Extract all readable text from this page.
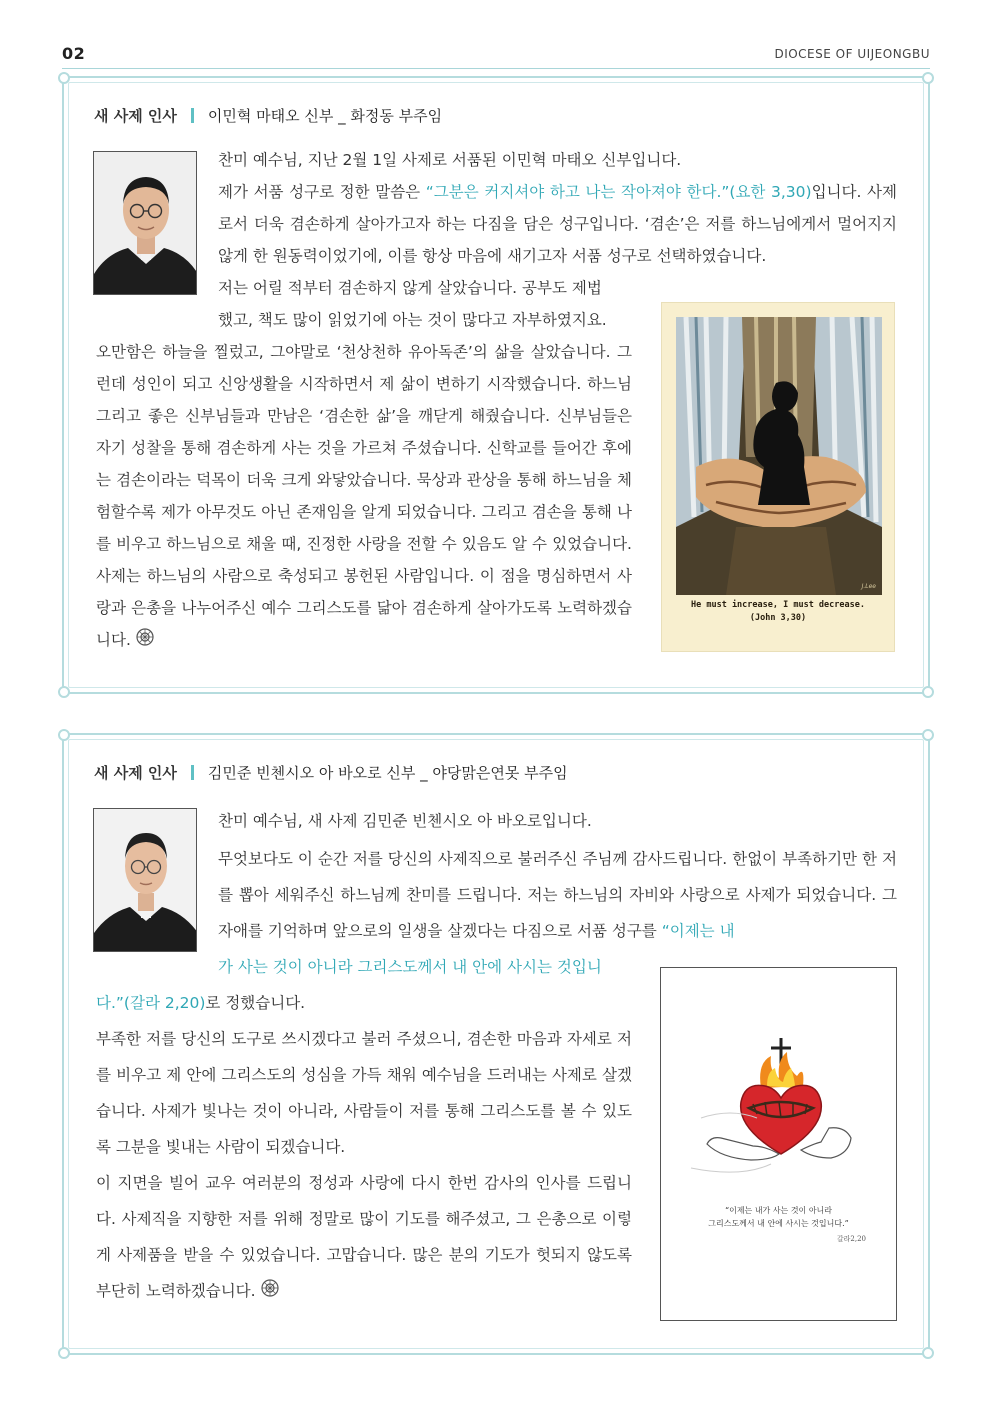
02	DIOCESE OF UIJEONGBU
새 사제 인사 이민혁 마태오 신부 _ 화정동 부주임

찬미 예수님, 지난 2월 1일 사제로 서품된 이민혁 마태오 신부입니다.

제가 서품 성구로 정한 말씀은 “그분은 커지셔야 하고 나는 작아져야 한다.”(요한 3,30)입니다. 사제로서 더욱 겸손하게 살아가고자 하는 다짐을 담은 성구입니다. ‘겸손’은 저를 하느님에게서 멀어지지 않게 한 원동력이었기에, 이를 항상 마음에 새기고자 서품 성구로 선택하였습니다.

저는 어릴 적부터 겸손하지 않게 살았습니다. 공부도 제법

했고, 책도 많이 읽었기에 아는 것이 많다고 자부하였지요.

오만함은 하늘을 찔렀고, 그야말로 ‘천상천하 유아독존’의 삶을 살았습니다. 그런데 성인이 되고 신앙생활을 시작하면서 제 삶이 변하기 시작했습니다. 하느님 그리고 좋은 신부님들과 만남은 ‘겸손한 삶’을 깨닫게 해줬습니다. 신부님들은 자기 성찰을 통해 겸손하게 사는 것을 가르쳐 주셨습니다. 신학교를 들어간 후에는 겸손이라는 덕목이 더욱 크게 와닿았습니다. 묵상과 관상을 통해 하느님을 체험할수록 제가 아무것도 아닌 존재임을 알게 되었습니다. 그리고 겸손을 통해 나를 비우고 하느님으로 채울 때, 진정한 사랑을 전할 수 있음도 알 수 있었습니다. 사제는 하느님의 사람으로 축성되고 봉헌된 사람입니다. 이 점을 명심하면서 사랑과 은총을 나누어주신 예수 그리스도를 닮아 겸손하게 살아가도록 노력하겠습니다.

He must increase, I must decrease.
(John 3,30)
J.Lee
새 사제 인사 김민준 빈첸시오 아 바오로 신부 _ 야당맑은연못 부주임

찬미 예수님, 새 사제 김민준 빈첸시오 아 바오로입니다.

무엇보다도 이 순간 저를 당신의 사제직으로 불러주신 주님께 감사드립니다. 한없이 부족하기만 한 저를 뽑아 세워주신 하느님께 찬미를 드립니다. 저는 하느님의 자비와 사랑으로 사제가 되었습니다. 그 자애를 기억하며 앞으로의 일생을 살겠다는 다짐으로 서품 성구를 “이제는 내

가 사는 것이 아니라 그리스도께서 내 안에 사시는 것입니

다.”(갈라 2,20)로 정했습니다.

부족한 저를 당신의 도구로 쓰시겠다고 불러 주셨으니, 겸손한 마음과 자세로 저를 비우고 제 안에 그리스도의 성심을 가득 채워 예수님을 드러내는 사제로 살겠습니다. 사제가 빛나는 것이 아니라, 사람들이 저를 통해 그리스도를 볼 수 있도록 그분을 빛내는 사람이 되겠습니다.

이 지면을 빌어 교우 여러분의 정성과 사랑에 다시 한번 감사의 인사를 드립니다. 사제직을 지향한 저를 위해 정말로 많이 기도를 해주셨고, 그 은총으로 이렇게 사제품을 받을 수 있었습니다. 고맙습니다. 많은 분의 기도가 헛되지 않도록 부단히 노력하겠습니다.

“이제는 내가 사는 것이 아니라
그리스도께서 내 안에 사시는 것입니다.”
갈라2,20
